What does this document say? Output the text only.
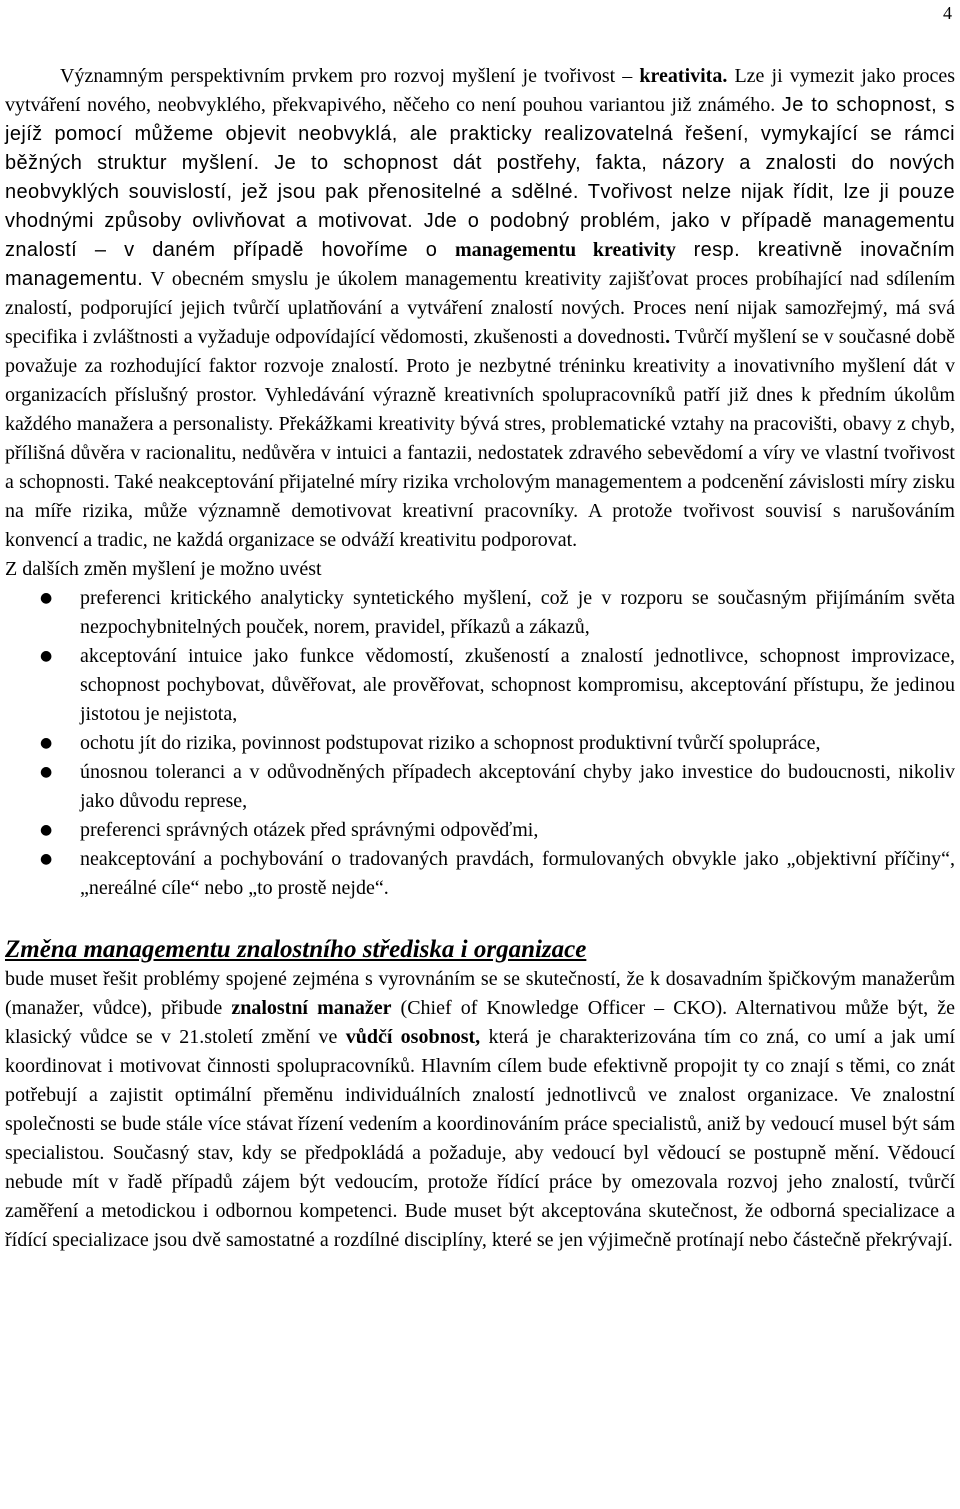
4

Významným perspektivním prvkem pro rozvoj myšlení je tvořivost – kreativita. Lze ji vymezit jako proces vytváření nového, neobvyklého, překvapivého, něčeho co není pouhou variantou již známého. Je to schopnost, s jejíž pomocí můžeme objevit neobvyklá, ale prakticky realizovatelná řešení, vymykající se rámci běžných struktur myšlení. Je to schopnost dát postřehy, fakta, názory a znalosti do nových neobvyklých souvislostí, jež jsou pak přenositelné a sdělné. Tvořivost nelze nijak řídit, lze ji pouze vhodnými způsoby ovlivňovat a motivovat. Jde o podobný problém, jako v případě managementu znalostí – v daném případě hovoříme o managementu kreativity resp. kreativně inovačním managementu. V obecném smyslu je úkolem managementu kreativity zajišťovat proces probíhající nad sdílením znalostí, podporující jejich tvůrčí uplatňování a vytváření znalostí nových. Proces není nijak samozřejmý, má svá specifika i zvláštnosti a vyžaduje odpovídající vědomosti, zkušenosti a dovednosti. Tvůrčí myšlení se v současné době považuje za rozhodující faktor rozvoje znalostí. Proto je nezbytné tréninku kreativity a inovativního myšlení dát v organizacích příslušný prostor. Vyhledávání výrazně kreativních spolupracovníků patří již dnes k předním úkolům každého manažera a personalisty. Překážkami kreativity bývá stres, problematické vztahy na pracovišti, obavy z chyb, přílišná důvěra v racionalitu, nedůvěra v intuici a fantazii, nedostatek zdravého sebevědomí a víry ve vlastní tvořivost a schopnosti. Také neakceptování přijatelné míry rizika vrcholovým managementem a podcenění závislosti míry zisku na míře rizika, může významně demotivovat kreativní pracovníky. A protože tvořivost souvisí s narušováním konvencí a tradic, ne každá organizace se odváží kreativitu podporovat.

Z dalších změn myšlení je možno uvést

● preferenci kritického analyticky syntetického myšlení, což je v rozporu se současným přijímáním světa nezpochybnitelných pouček, norem, pravidel, příkazů a zákazů,
● akceptování intuice jako funkce vědomostí, zkušeností a znalostí jednotlivce, schopnost improvizace, schopnost pochybovat, důvěřovat, ale prověřovat, schopnost kompromisu, akceptování přístupu, že jedinou jistotou je nejistota,
● ochotu jít do rizika, povinnost podstupovat riziko a schopnost produktivní tvůrčí spolupráce,
● únosnou toleranci a v odůvodněných případech akceptování chyby jako investice do budoucnosti, nikoliv jako důvodu represe,
● preferenci správných otázek před správnými odpověďmi,
● neakceptování a pochybování o tradovaných pravdách, formulovaných obvykle jako „objektivní příčiny“, „nereálné cíle“ nebo „to prostě nejde“.
Změna managementu znalostního střediska i organizace

bude muset řešit problémy spojené zejména s vyrovnáním se se skutečností, že k dosavadním špičkovým manažerům (manažer, vůdce), přibude znalostní manažer (Chief of Knowledge Officer – CKO). Alternativou může být, že klasický vůdce se v 21.století změní ve vůdčí osobnost, která je charakterizována tím co zná, co umí a jak umí koordinovat i motivovat činnosti spolupracovníků. Hlavním cílem bude efektivně propojit ty co znají s těmi, co znát potřebují a zajistit optimální přeměnu individuálních znalostí jednotlivců ve znalost organizace. Ve znalostní společnosti se bude stále více stávat řízení vedením a koordinováním práce specialistů, aniž by vedoucí musel být sám specialistou. Současný stav, kdy se předpokládá a požaduje, aby vedoucí byl vědoucí se postupně mění. Vědoucí nebude mít v řadě případů zájem být vedoucím, protože řídící práce by omezovala rozvoj jeho znalostí, tvůrčí zaměření a metodickou i odbornou kompetenci. Bude muset být akceptována skutečnost, že odborná specializace a řídící specializace jsou dvě samostatné a rozdílné disciplíny, které se jen výjimečně protínají nebo částečně překrývají.
